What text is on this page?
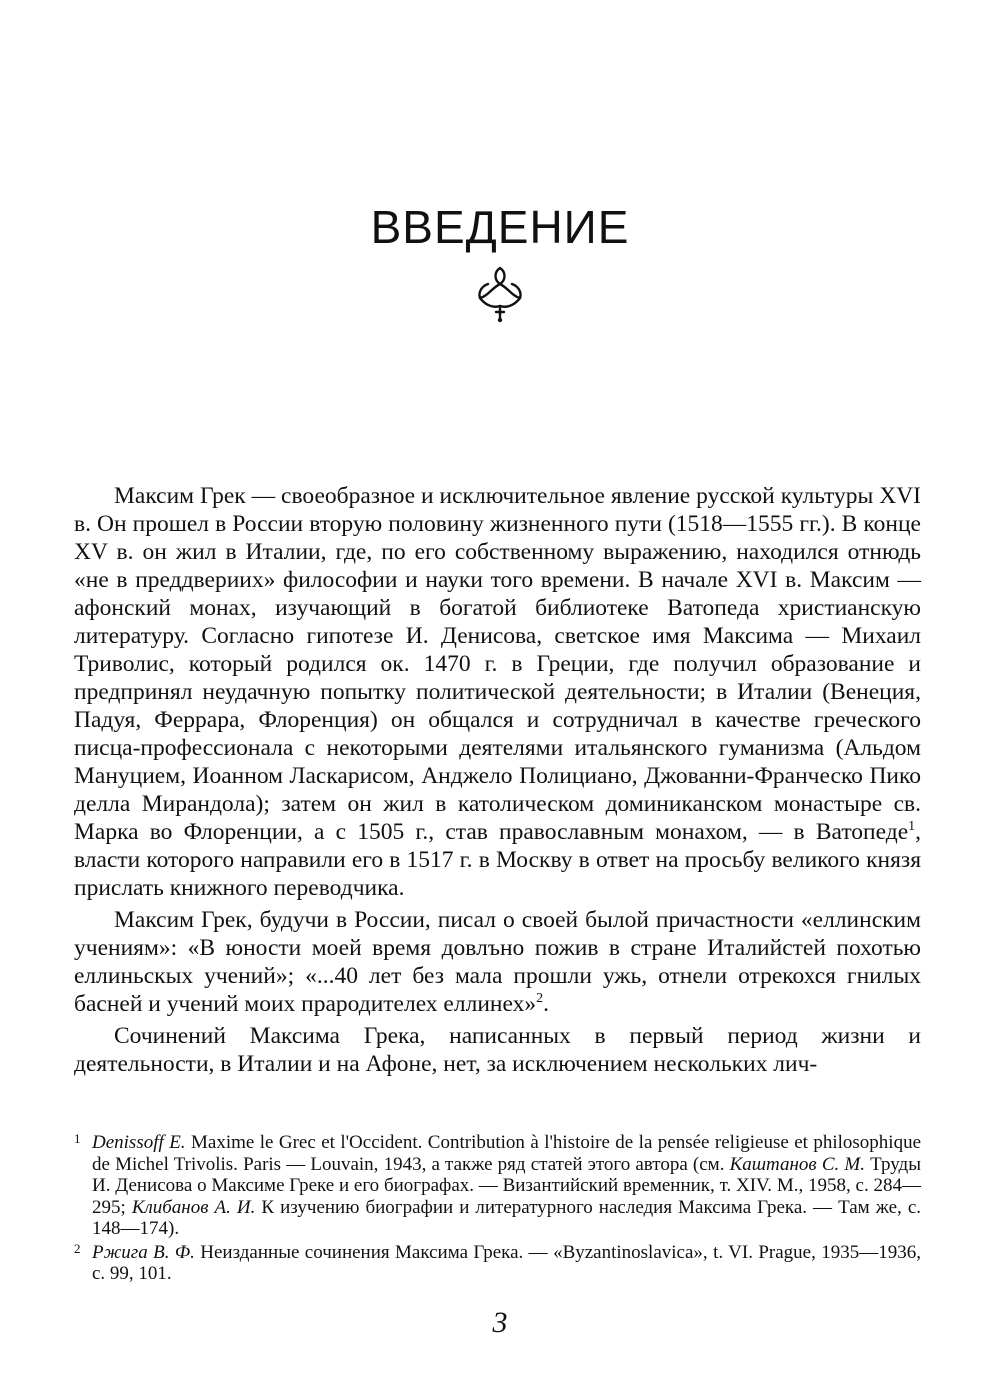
ВВЕДЕНИЕ

Максим Грек — своеобразное и исключительное явление русской культуры XVI в. Он прошел в России вторую половину жизненного пути (1518—1555 гг.). В конце XV в. он жил в Италии, где, по его собственному выражению, находился отнюдь «не в преддвериих» философии и науки того времени. В начале XVI в. Максим — афонский монах, изучающий в богатой библиотеке Ватопеда христианскую литературу. Согласно гипотезе И. Денисова, светское имя Максима — Михаил Триволис, который родился ок. 1470 г. в Греции, где получил образование и предпринял неудачную попытку политической деятельности; в Италии (Венеция, Падуя, Феррара, Флоренция) он общался и сотрудничал в качестве греческого писца-профессионала с некоторыми деятелями итальянского гуманизма (Альдом Мануцием, Иоанном Ласкарисом, Анджело Полициано, Джованни-Франческо Пико делла Мирандола); затем он жил в католическом доминиканском монастыре св. Марка во Флоренции, а с 1505 г., став православным монахом, — в Ватопеде$^1$, власти которого направили его в 1517 г. в Москву в ответ на просьбу великого князя прислать книжного переводчика.

Максим Грек, будучи в России, писал о своей былой причастности «еллинским учениям»: «В юности моей время довлъно пожив в стране Италийстей похотью еллиньскых учений»; «...40 лет без мала прошли ужь, отнели отрекохся гнилых басней и учений моих прародителех еллинех»$^2$.

Сочинений Максима Грека, написанных в первый период жизни и деятельности, в Италии и на Афоне, нет, за исключением нескольких лич-

1 Denissoff E. Maxime le Grec et l'Occident. Contribution à l'histoire de la pensée religieuse et philosophique de Michel Trivolis. Paris — Louvain, 1943, а также ряд статей этого автора (см. Каштанов С. М. Труды И. Денисова о Максиме Греке и его биографах. — Византийский временник, т. XIV. М., 1958, с. 284—295; Клибанов А. И. К изучению биографии и литературного наследия Максима Грека. — Там же, с. 148—174).
2 Ржига В. Ф. Неизданные сочинения Максима Грека. — «Byzantinoslavica», t. VI. Prague, 1935—1936, с. 99, 101.
3
